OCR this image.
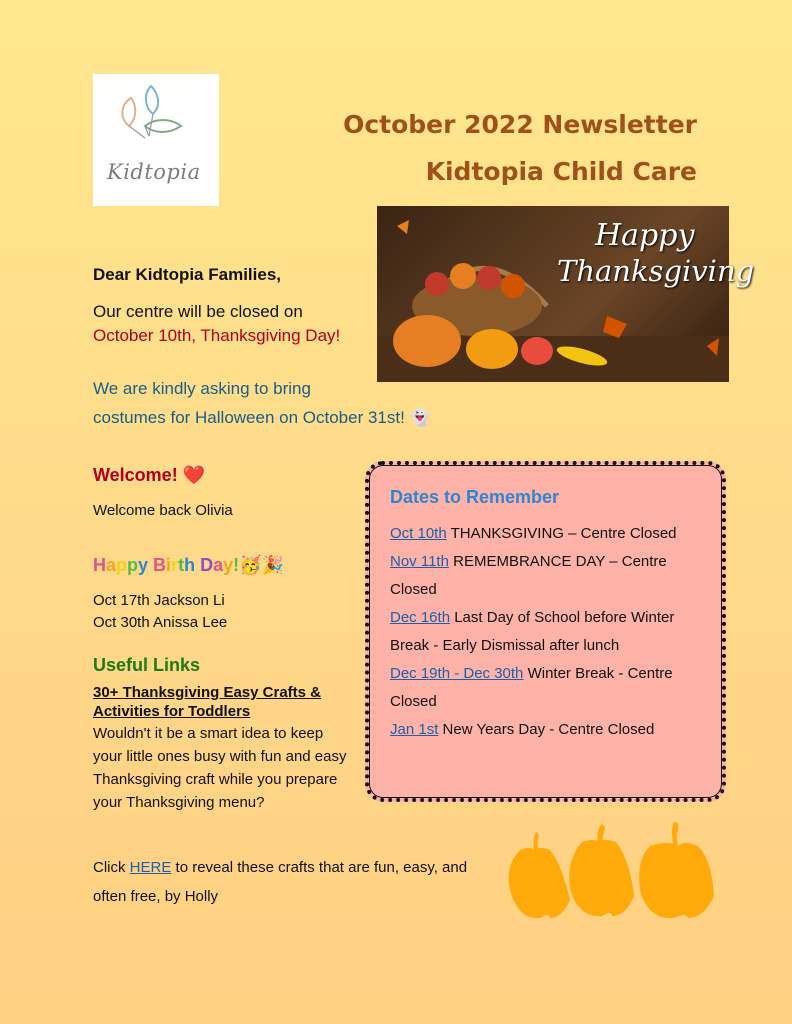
Kidtopia
October 2022 Newsletter
Kidtopia Child Care
Happy
Thanksgiving
Dear Kidtopia Families,
Our centre will be closed on
October 10th, Thanksgiving Day!
We are kindly asking to bring
costumes for Halloween on October 31st! 👻
Welcome! ❤️
Welcome back Olivia
Happy Birth Day!🥳🎉
Oct 17th Jackson Li
Oct 30th Anissa Lee
Useful Links
30+ Thanksgiving Easy Crafts & Activities for Toddlers
Wouldn't it be a smart idea to keep your little ones busy with fun and easy Thanksgiving craft while you prepare your Thanksgiving menu?
Click HERE to reveal these crafts that are fun, easy, and often free, by Holly
Dates to Remember
Oct 10th THANKSGIVING – Centre Closed
Nov 11th REMEMBRANCE DAY – Centre Closed
Dec 16th Last Day of School before Winter Break - Early Dismissal after lunch
Dec 19th - Dec 30th Winter Break - Centre Closed
Jan 1st New Years Day - Centre Closed
